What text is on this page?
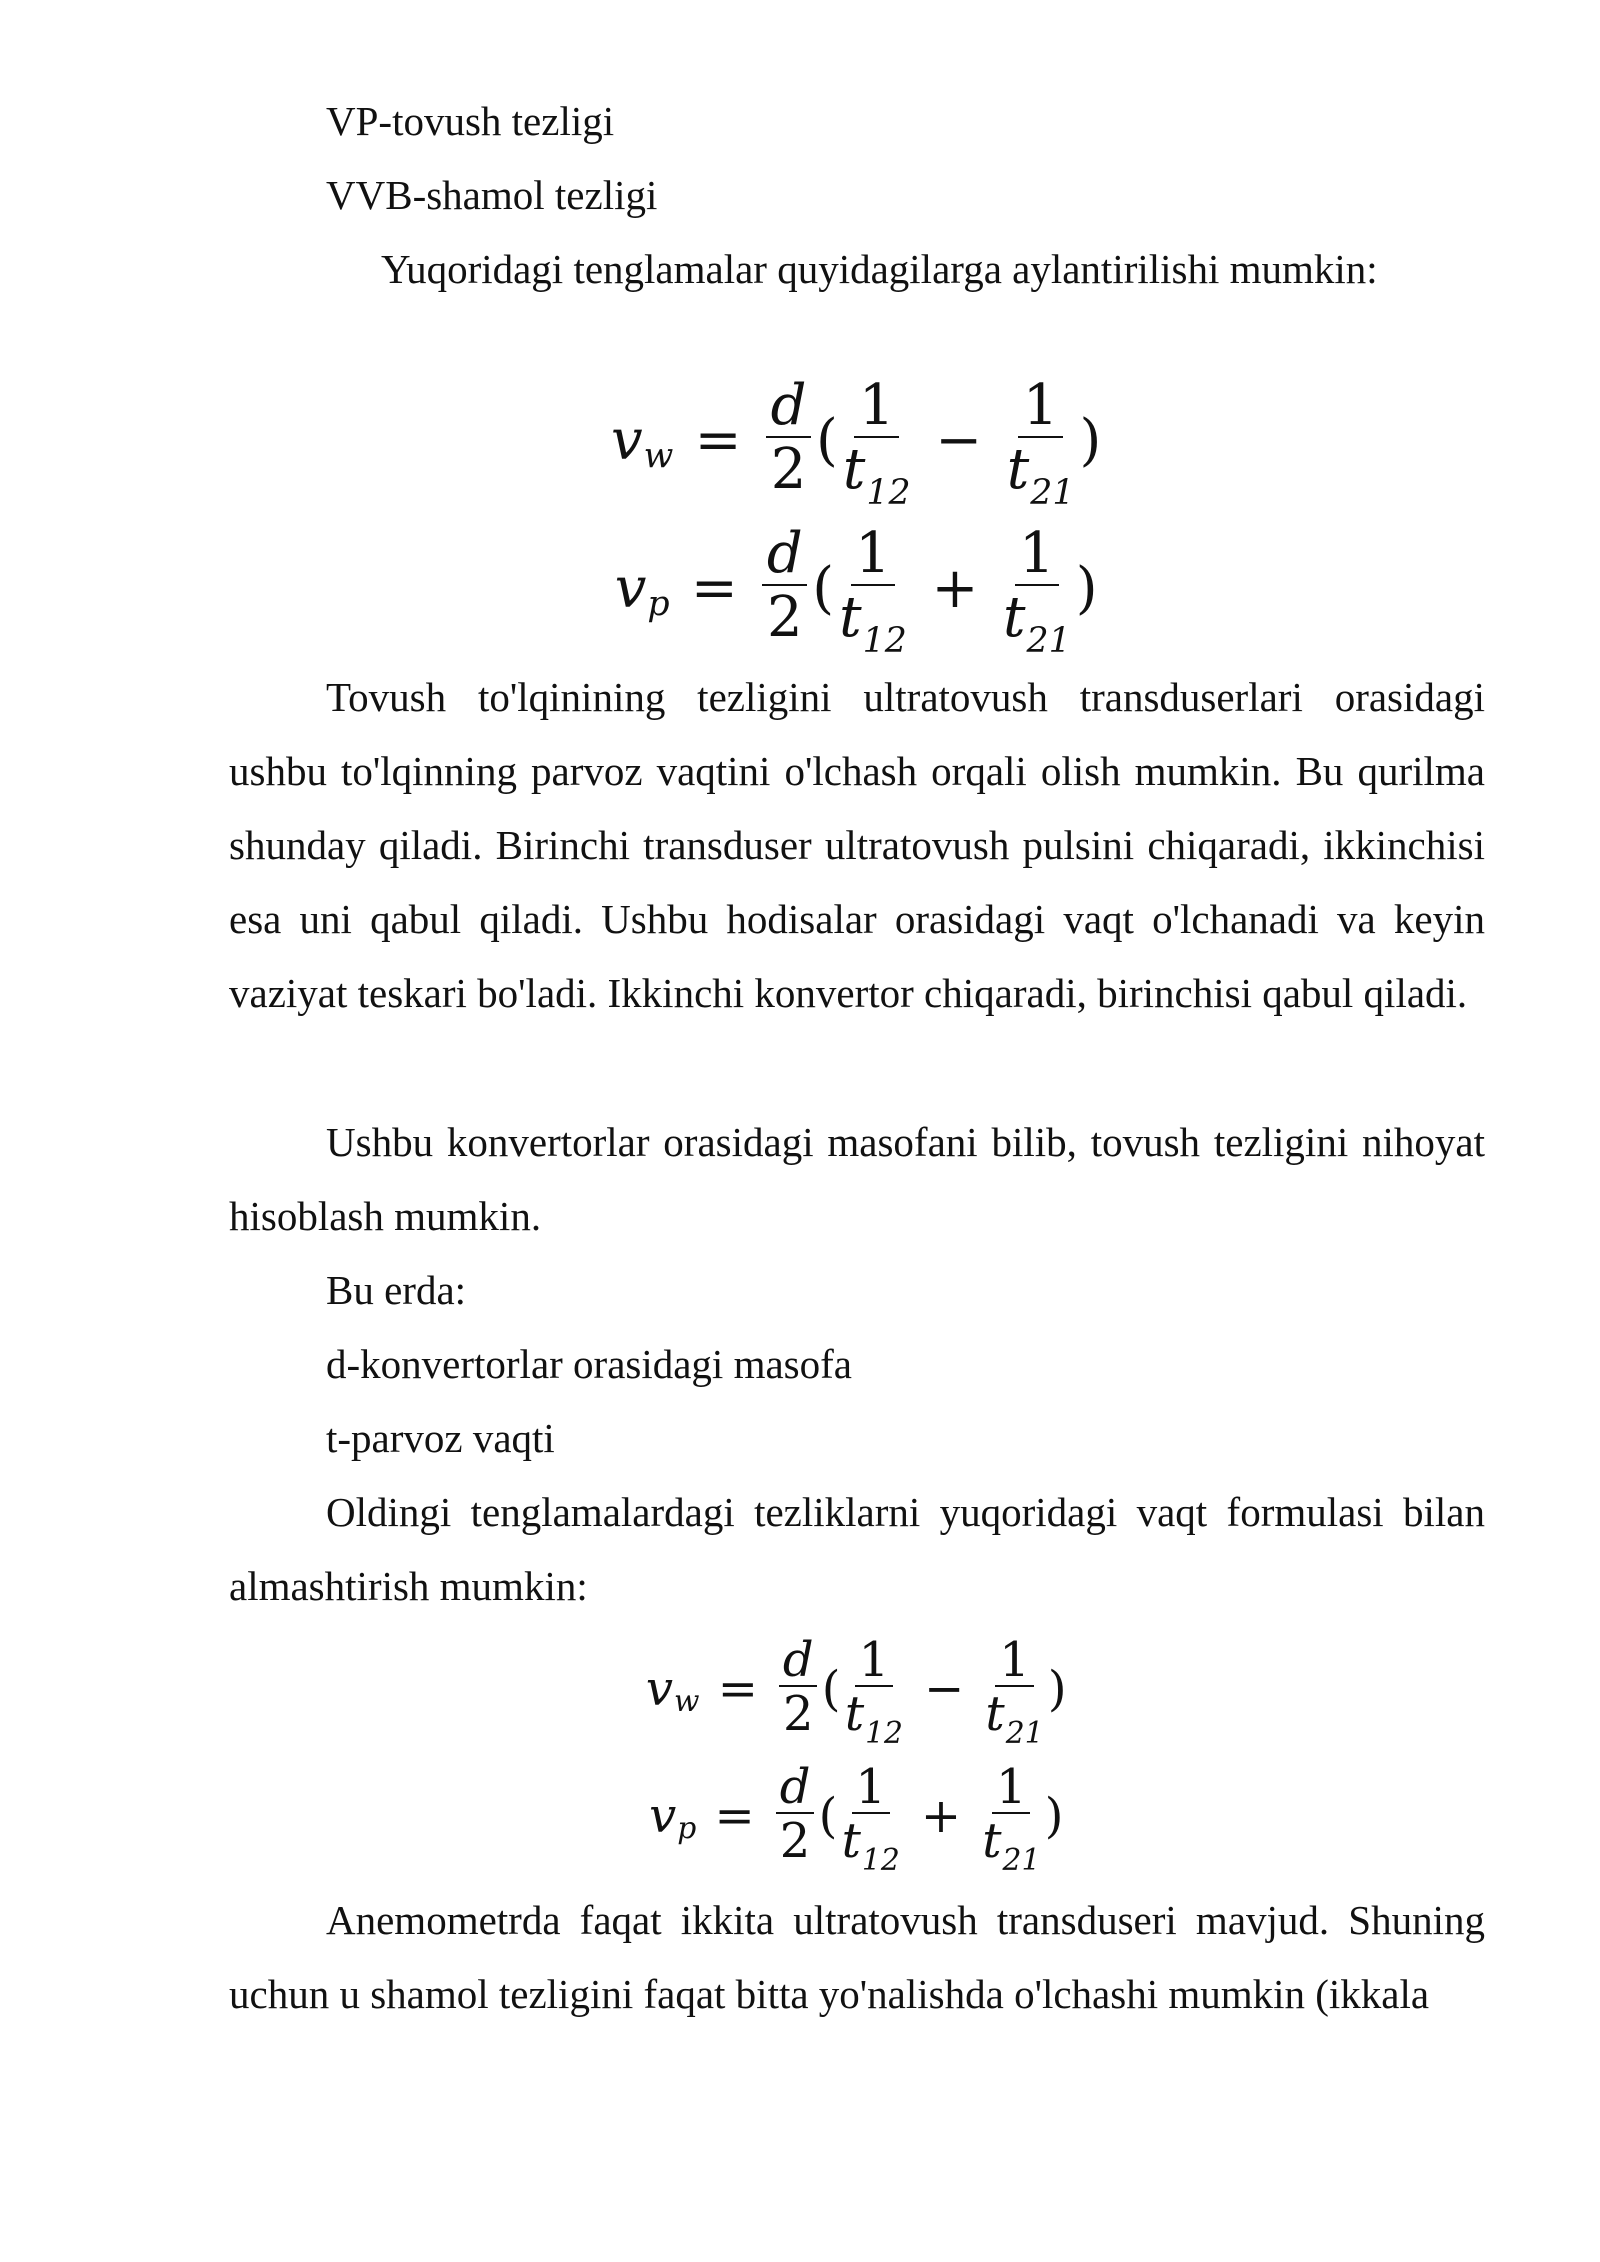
VP-tovush tezligi

VVB-shamol tezligi

Yuqoridagi tenglamalar quyidagilarga aylantirilishi mumkin:

v $w = \frac{d}{2}$ ( $\frac{1}{t_{12}} - \frac{1}{t_{21}}$ )
v $p = \frac{d}{2}$ ( $\frac{1}{t_{12}} + \frac{1}{t_{21}}$ )

Tovush to'lqinining tezligini ultratovush transduserlari orasidagi ushbu to'lqinning parvoz vaqtini o'lchash orqali olish mumkin. Bu qurilma shunday qiladi. Birinchi transduser ultratovush pulsini chiqaradi, ikkinchisi esa uni qabul qiladi. Ushbu hodisalar orasidagi vaqt o'lchanadi va keyin vaziyat teskari bo'ladi. Ikkinchi konvertor chiqaradi, birinchisi qabul qiladi.

Ushbu konvertorlar orasidagi masofani bilib, tovush tezligini nihoyat hisoblash mumkin.

Bu erda:

d-konvertorlar orasidagi masofa

t-parvoz vaqti

Oldingi tenglamalardagi tezliklarni yuqoridagi vaqt formulasi bilan almashtirish mumkin:

v $w = \frac{d}{2}$ ( $\frac{1}{t_{12}} - \frac{1}{t_{21}}$ )
v $p = \frac{d}{2}$ ( $\frac{1}{t_{12}} + \frac{1}{t_{21}}$ )

Anemometrda faqat ikkita ultratovush transduseri mavjud. Shuning uchun u shamol tezligini faqat bitta yo'nalishda o'lchashi mumkin (ikkala
